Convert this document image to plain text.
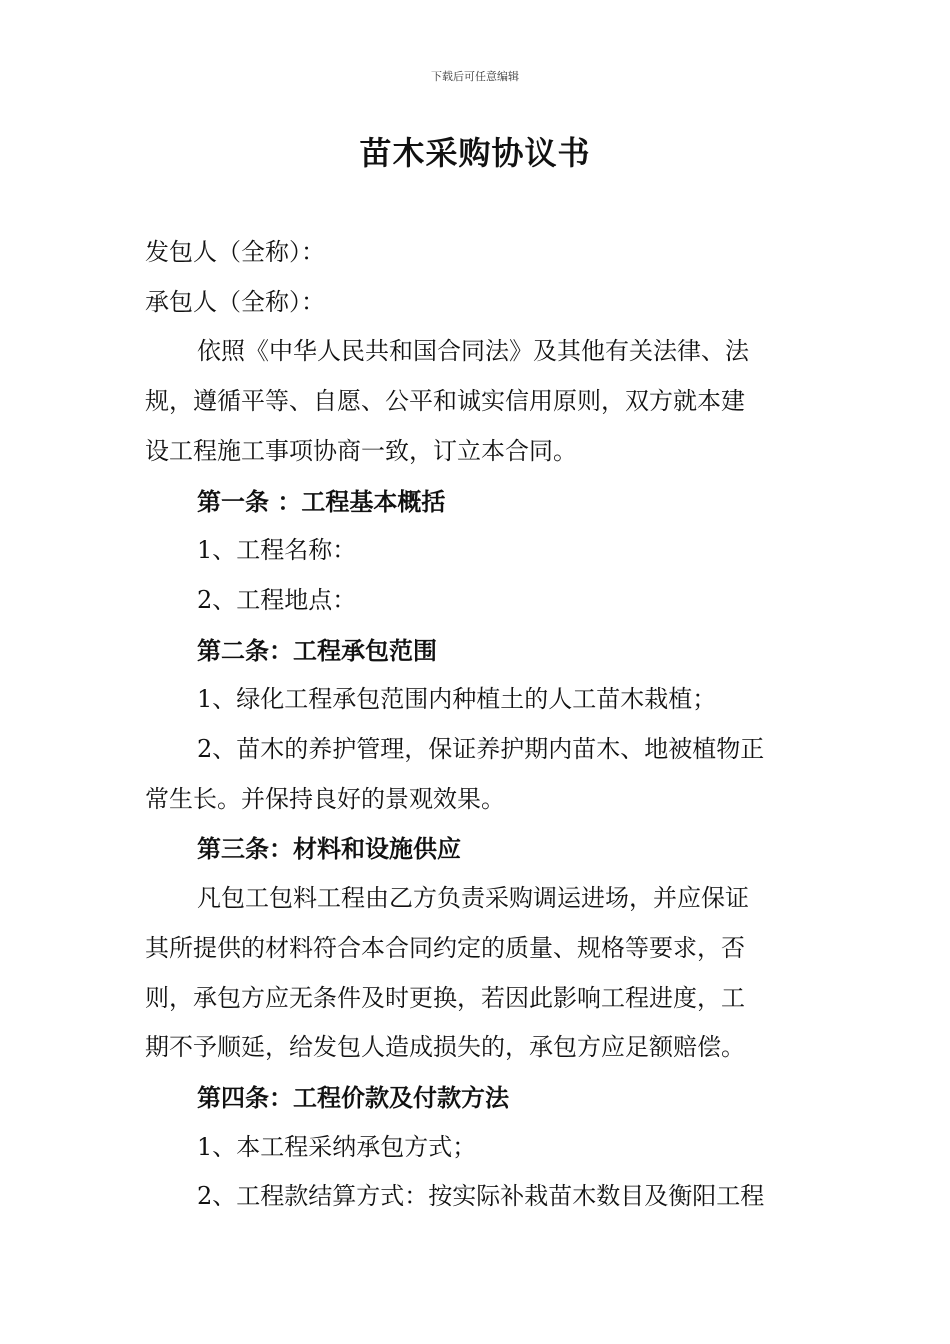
下载后可任意编辑
苗木采购协议书

发包人（全称）：

承包人（全称）：

依照《中华人民共和国合同法》及其他有关法律、法

规，遵循平等、自愿、公平和诚实信用原则，双方就本建

设工程施工事项协商一致，订立本合同。

第一条 ：工程基本概括

1、工程名称：

2、工程地点：

第二条：工程承包范围

1、绿化工程承包范围内种植土的人工苗木栽植；

2、苗木的养护管理，保证养护期内苗木、地被植物正

常生长。并保持良好的景观效果。

第三条：材料和设施供应

凡包工包料工程由乙方负责采购调运进场，并应保证

其所提供的材料符合本合同约定的质量、规格等要求，否

则，承包方应无条件及时更换，若因此影响工程进度，工

期不予顺延，给发包人造成损失的，承包方应足额赔偿。

第四条：工程价款及付款方法

1、本工程采纳承包方式；

2、工程款结算方式：按实际补栽苗木数目及衡阳工程
